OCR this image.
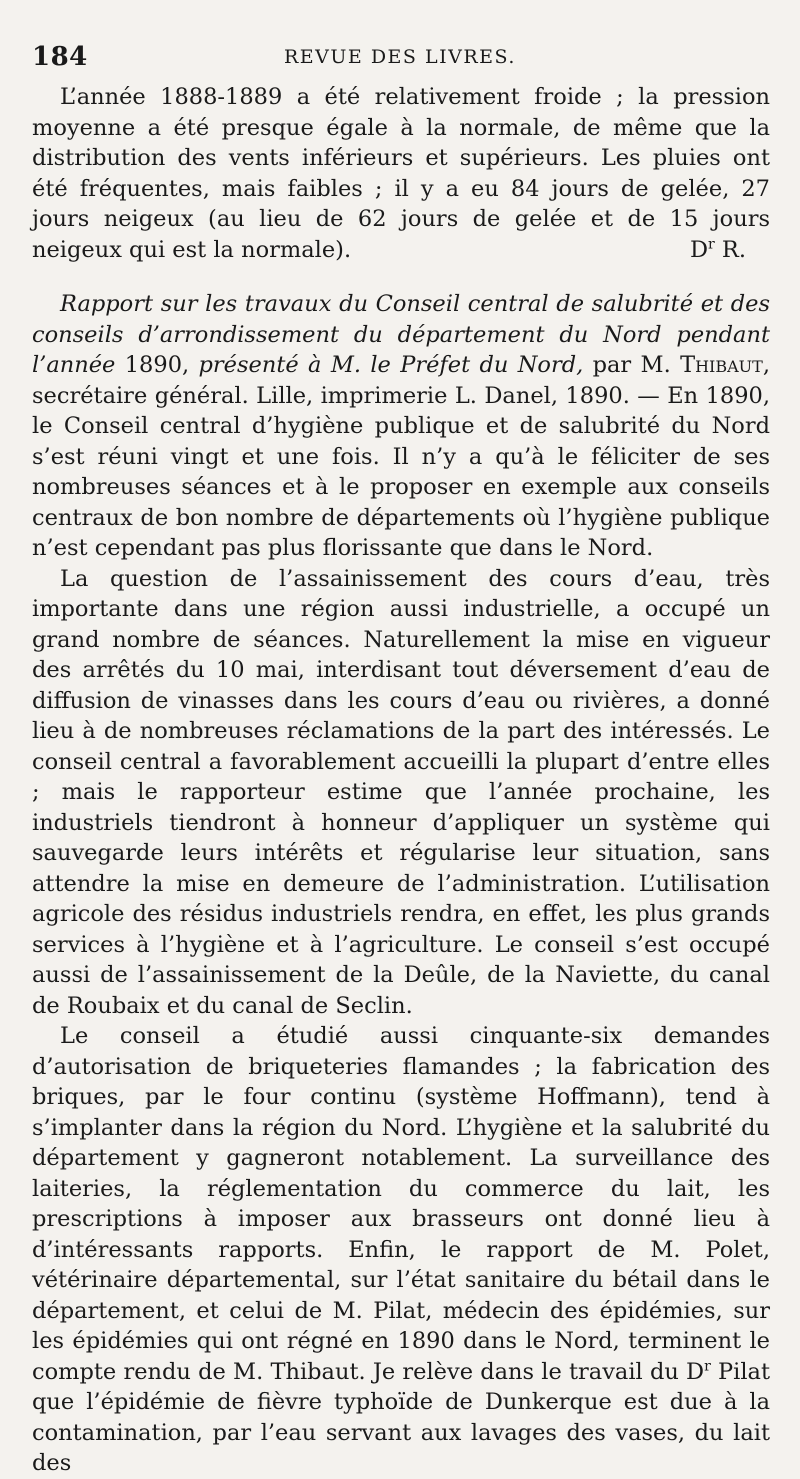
184	REVUE DES LIVRES.

L’année 1888-1889 a été relativement froide ; la pression moyenne a été presque égale à la normale, de même que la distribution des vents inférieurs et supérieurs. Les pluies ont été fréquentes, mais faibles ; il y a eu 84 jours de gelée, 27 jours neigeux (au lieu de 62 jours de gelée et de 15 jours neigeux qui est la normale).	$D^r$ R.

Rapport sur les travaux du Conseil central de salubrité et des conseils d’arrondissement du département du Nord pendant l’année 1890, présenté à M. le Préfet du Nord, par M. Thibaut, secrétaire général. Lille, imprimerie L. Danel, 1890. — En 1890, le Conseil central d’hygiène publique et de salubrité du Nord s’est réuni vingt et une fois. Il n’y a qu’à le féliciter de ses nombreuses séances et à le proposer en exemple aux conseils centraux de bon nombre de départements où l’hygiène publique n’est cependant pas plus florissante que dans le Nord.

La question de l’assainissement des cours d’eau, très importante dans une région aussi industrielle, a occupé un grand nombre de séances. Naturellement la mise en vigueur des arrêtés du 10 mai, interdisant tout déversement d’eau de diffusion de vinasses dans les cours d’eau ou rivières, a donné lieu à de nombreuses réclamations de la part des intéressés. Le conseil central a favorablement accueilli la plupart d’entre elles ; mais le rapporteur estime que l’année prochaine, les industriels tiendront à honneur d’appliquer un système qui sauvegarde leurs intérêts et régularise leur situation, sans attendre la mise en demeure de l’administration. L’utilisation agricole des résidus industriels rendra, en effet, les plus grands services à l’hygiène et à l’agriculture. Le conseil s’est occupé aussi de l’assainissement de la Deûle, de la Naviette, du canal de Roubaix et du canal de Seclin.

Le conseil a étudié aussi cinquante-six demandes d’autorisation de briqueteries flamandes ; la fabrication des briques, par le four continu (système Hoffmann), tend à s’implanter dans la région du Nord. L’hygiène et la salubrité du département y gagneront notablement. La surveillance des laiteries, la réglementation du commerce du lait, les prescriptions à imposer aux brasseurs ont donné lieu à d’intéressants rapports. Enfin, le rapport de M. Polet, vétérinaire départemental, sur l’état sanitaire du bétail dans le département, et celui de M. Pilat, médecin des épidémies, sur les épidémies qui ont régné en 1890 dans le Nord, terminent le compte rendu de M. Thibaut. Je relève dans le travail du $D^r$ Pilat que l’épidémie de fièvre typhoïde de Dunkerque est due à la contamination, par l’eau servant aux lavages des vases, du lait des
